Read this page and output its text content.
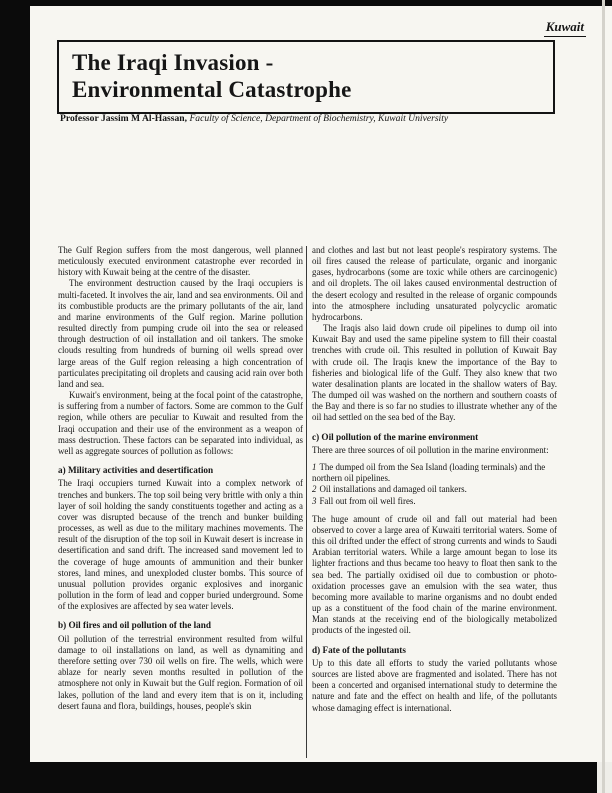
Kuwait
The Iraqi Invasion -
Environmental Catastrophe
Professor Jassim M Al-Hassan, Faculty of Science, Department of Biochemistry, Kuwait University

The Gulf Region suffers from the most dangerous, well planned meticulously executed environment catastrophe ever recorded in history with Kuwait being at the centre of the disaster.

The environment destruction caused by the Iraqi occupiers is multi-faceted. It involves the air, land and sea environments. Oil and its combustible products are the primary pollutants of the air, land and marine environments of the Gulf region. Marine pollution resulted directly from pumping crude oil into the sea or released through destruction of oil installation and oil tankers. The smoke clouds resulting from hundreds of burning oil wells spread over large areas of the Gulf region releasing a high concentration of particulates precipitating oil droplets and causing acid rain over both land and sea.

Kuwait's environment, being at the focal point of the catastrophe, is suffering from a number of factors. Some are common to the Gulf region, while others are peculiar to Kuwait and resulted from the Iraqi occupation and their use of the environment as a weapon of mass destruction. These factors can be separated into individual, as well as aggregate sources of pollution as follows:

a) Military activities and desertification

The Iraqi occupiers turned Kuwait into a complex network of trenches and bunkers. The top soil being very brittle with only a thin layer of soil holding the sandy constituents together and acting as a cover was disrupted because of the trench and bunker building processes, as well as due to the military machines movements. The result of the disruption of the top soil in Kuwait desert is increase in desertification and sand drift. The increased sand movement led to the coverage of huge amounts of ammunition and their bunker stores, land mines, and unexploded cluster bombs. This source of unusual pollution provides organic explosives and inorganic pollution in the form of lead and copper buried underground. Some of the explosives are affected by sea water levels.

b) Oil fires and oil pollution of the land

Oil pollution of the terrestrial environment resulted from wilful damage to oil installations on land, as well as dynamiting and therefore setting over 730 oil wells on fire. The wells, which were ablaze for nearly seven months resulted in pollution of the atmosphere not only in Kuwait but the Gulf region. Formation of oil lakes, pollution of the land and every item that is on it, including desert fauna and flora, buildings, houses, people's skin

and clothes and last but not least people's respiratory systems. The oil fires caused the release of particulate, organic and inorganic gases, hydrocarbons (some are toxic while others are carcinogenic) and oil droplets. The oil lakes caused environmental destruction of the desert ecology and resulted in the release of organic compounds into the atmosphere including unsaturated polycyclic aromatic hydrocarbons.

The Iraqis also laid down crude oil pipelines to dump oil into Kuwait Bay and used the same pipeline system to fill their coastal trenches with crude oil. This resulted in pollution of Kuwait Bay with crude oil. The Iraqis knew the importance of the Bay to fisheries and biological life of the Gulf. They also knew that two water desalination plants are located in the shallow waters of Bay. The dumped oil was washed on the northern and southern coasts of the Bay and there is so far no studies to illustrate whether any of the oil had settled on the sea bed of the Bay.

c) Oil pollution of the marine environment

There are three sources of oil pollution in the marine environment:

1 The dumped oil from the Sea Island (loading terminals) and the northern oil pipelines.

2 Oil installations and damaged oil tankers.

3 Fall out from oil well fires.

The huge amount of crude oil and fall out material had been observed to cover a large area of Kuwaiti territorial waters. Some of this oil drifted under the effect of strong currents and winds to Saudi Arabian territorial waters. While a large amount began to lose its lighter fractions and thus became too heavy to float then sank to the sea bed. The partially oxidised oil due to combustion or photo-oxidation processes gave an emulsion with the sea water, thus becoming more available to marine organisms and no doubt ended up as a constituent of the food chain of the marine environment. Man stands at the receiving end of the biologically metabolized products of the ingested oil.

d) Fate of the pollutants

Up to this date all efforts to study the varied pollutants whose sources are listed above are fragmented and isolated. There has not been a concerted and organised international study to determine the nature and fate and the effect on health and life, of the pollutants whose damaging effect is international.
